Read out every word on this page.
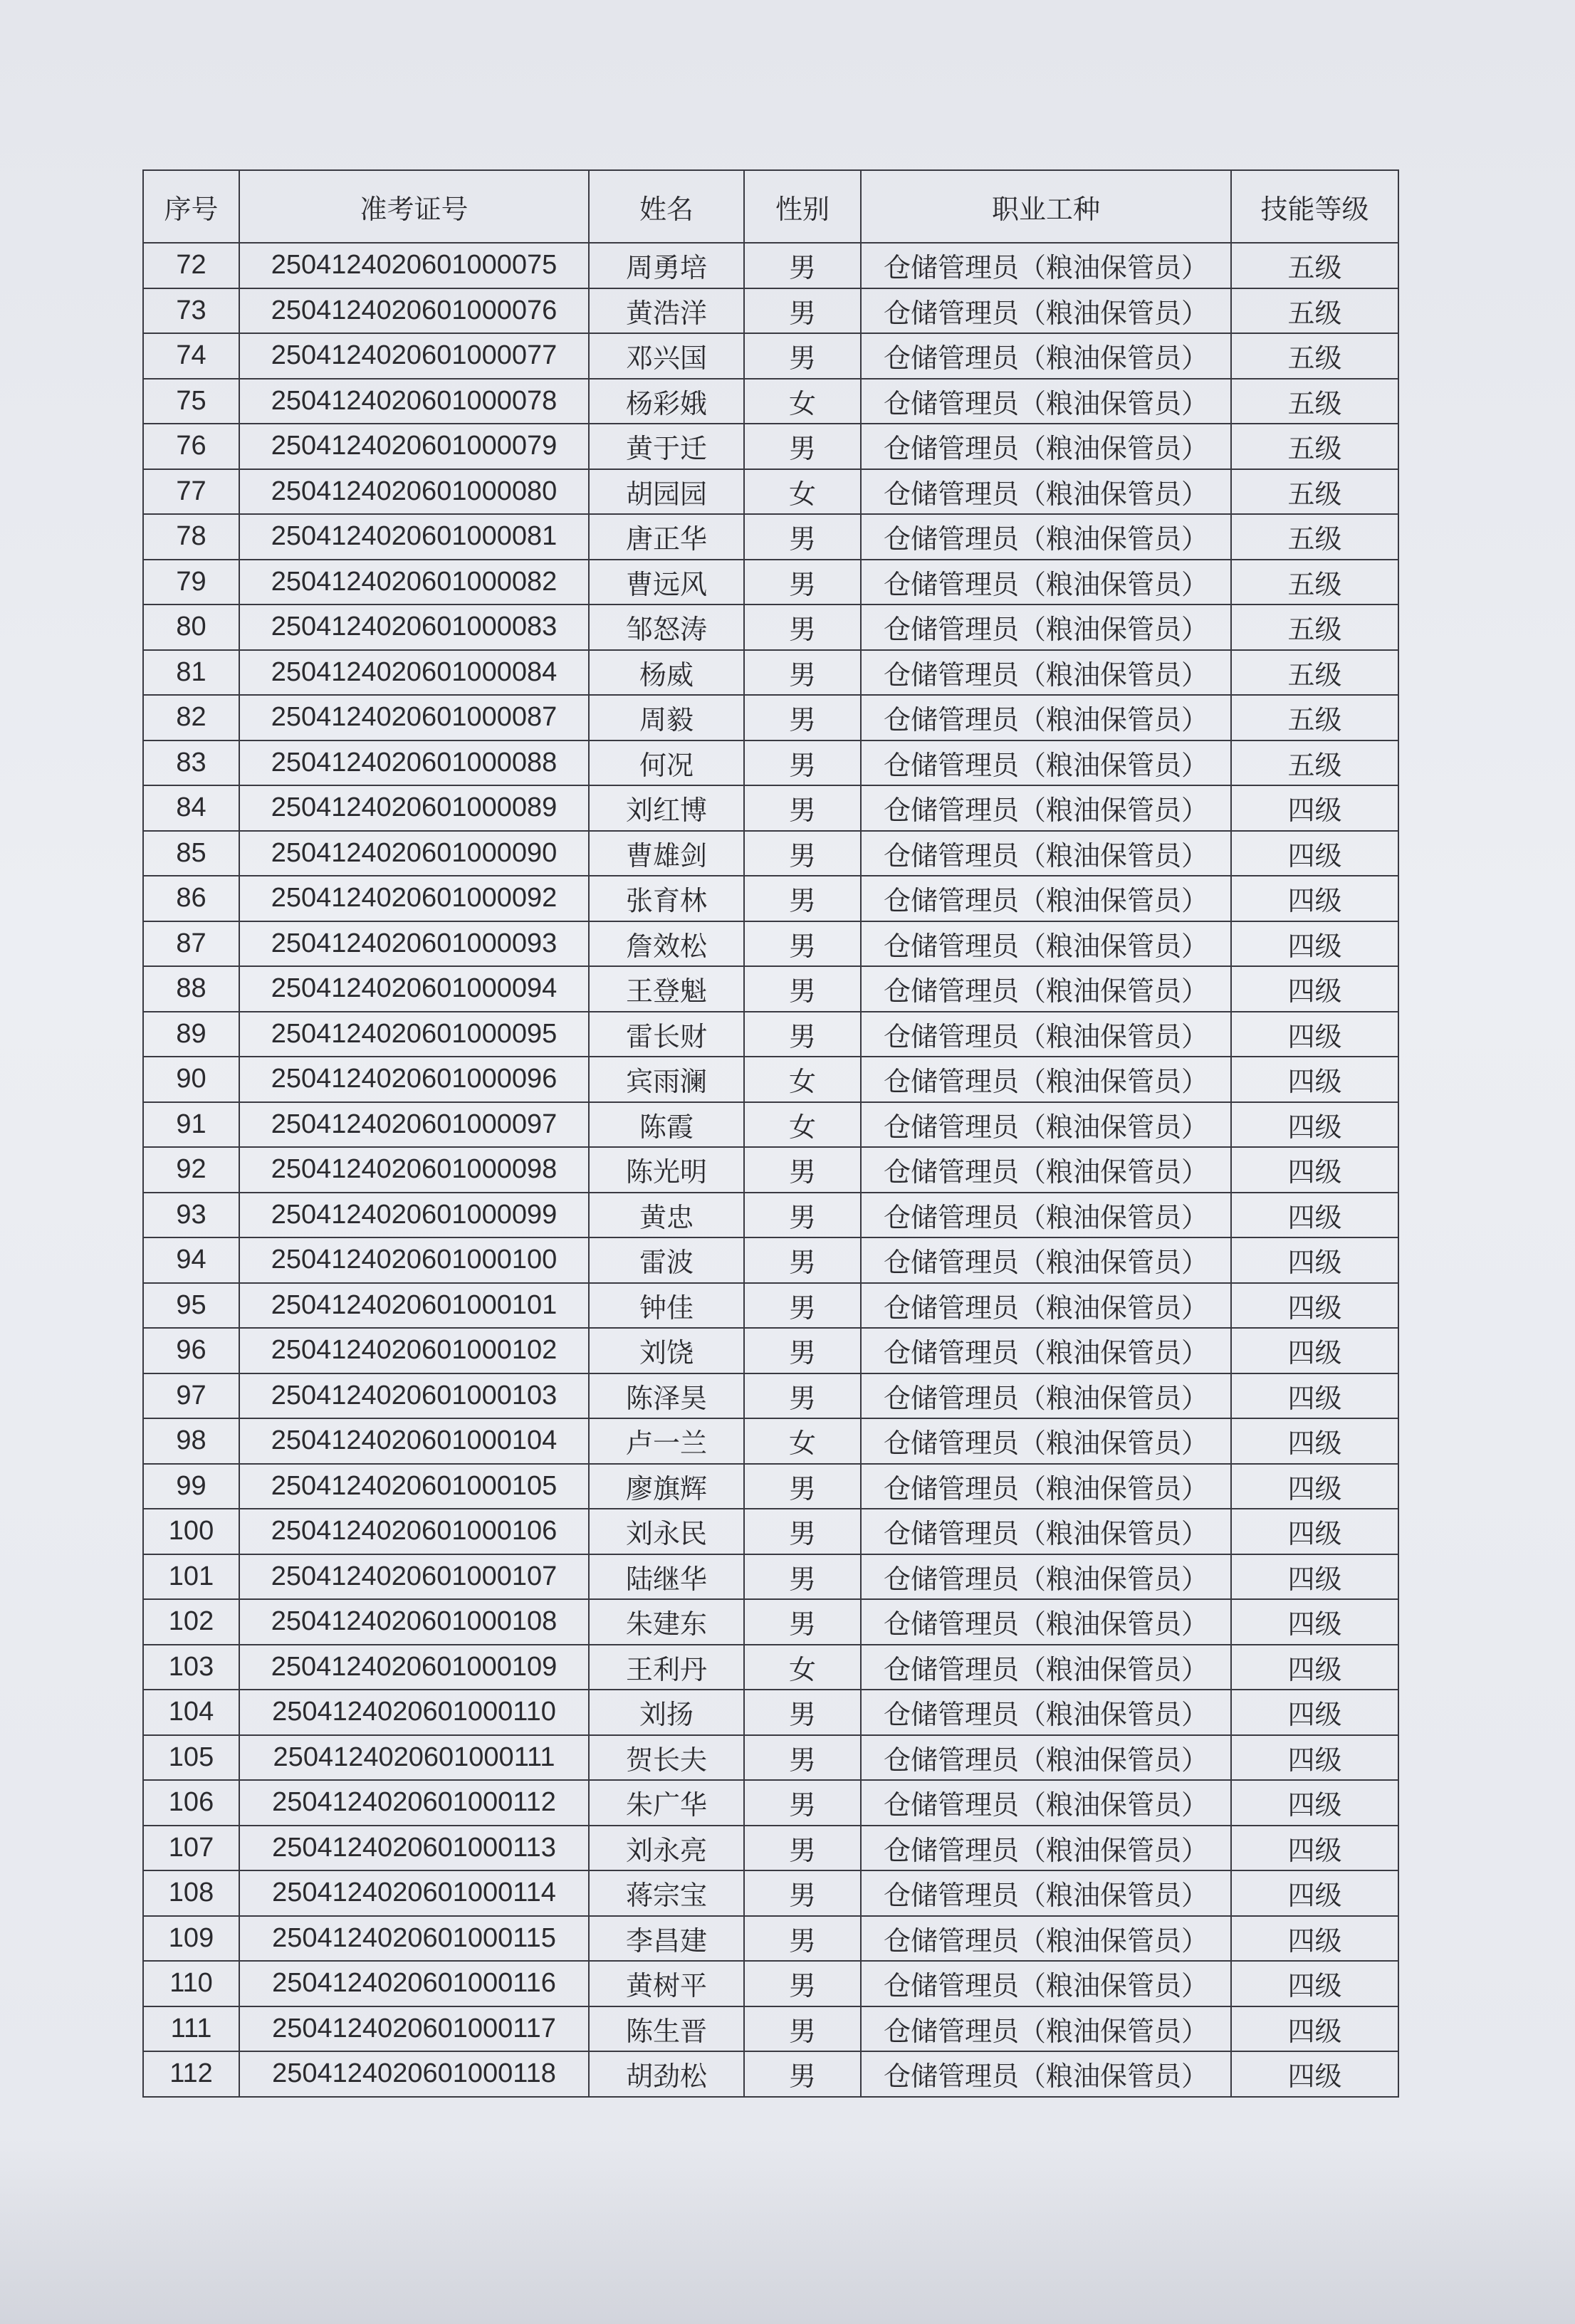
序号	准考证号	姓名	性别	职业工种	技能等级
72	2504124020601000075	周勇培	男	仓储管理员（粮油保管员）	五级
73	2504124020601000076	黄浩洋	男	仓储管理员（粮油保管员）	五级
74	2504124020601000077	邓兴国	男	仓储管理员（粮油保管员）	五级
75	2504124020601000078	杨彩娥	女	仓储管理员（粮油保管员）	五级
76	2504124020601000079	黄于迁	男	仓储管理员（粮油保管员）	五级
77	2504124020601000080	胡园园	女	仓储管理员（粮油保管员）	五级
78	2504124020601000081	唐正华	男	仓储管理员（粮油保管员）	五级
79	2504124020601000082	曹远风	男	仓储管理员（粮油保管员）	五级
80	2504124020601000083	邹怒涛	男	仓储管理员（粮油保管员）	五级
81	2504124020601000084	杨威	男	仓储管理员（粮油保管员）	五级
82	2504124020601000087	周毅	男	仓储管理员（粮油保管员）	五级
83	2504124020601000088	何况	男	仓储管理员（粮油保管员）	五级
84	2504124020601000089	刘红博	男	仓储管理员（粮油保管员）	四级
85	2504124020601000090	曹雄剑	男	仓储管理员（粮油保管员）	四级
86	2504124020601000092	张育林	男	仓储管理员（粮油保管员）	四级
87	2504124020601000093	詹效松	男	仓储管理员（粮油保管员）	四级
88	2504124020601000094	王登魁	男	仓储管理员（粮油保管员）	四级
89	2504124020601000095	雷长财	男	仓储管理员（粮油保管员）	四级
90	2504124020601000096	宾雨澜	女	仓储管理员（粮油保管员）	四级
91	2504124020601000097	陈霞	女	仓储管理员（粮油保管员）	四级
92	2504124020601000098	陈光明	男	仓储管理员（粮油保管员）	四级
93	2504124020601000099	黄忠	男	仓储管理员（粮油保管员）	四级
94	2504124020601000100	雷波	男	仓储管理员（粮油保管员）	四级
95	2504124020601000101	钟佳	男	仓储管理员（粮油保管员）	四级
96	2504124020601000102	刘饶	男	仓储管理员（粮油保管员）	四级
97	2504124020601000103	陈泽昊	男	仓储管理员（粮油保管员）	四级
98	2504124020601000104	卢一兰	女	仓储管理员（粮油保管员）	四级
99	2504124020601000105	廖旗辉	男	仓储管理员（粮油保管员）	四级
100	2504124020601000106	刘永民	男	仓储管理员（粮油保管员）	四级
101	2504124020601000107	陆继华	男	仓储管理员（粮油保管员）	四级
102	2504124020601000108	朱建东	男	仓储管理员（粮油保管员）	四级
103	2504124020601000109	王利丹	女	仓储管理员（粮油保管员）	四级
104	2504124020601000110	刘扬	男	仓储管理员（粮油保管员）	四级
105	2504124020601000111	贺长夫	男	仓储管理员（粮油保管员）	四级
106	2504124020601000112	朱广华	男	仓储管理员（粮油保管员）	四级
107	2504124020601000113	刘永亮	男	仓储管理员（粮油保管员）	四级
108	2504124020601000114	蒋宗宝	男	仓储管理员（粮油保管员）	四级
109	2504124020601000115	李昌建	男	仓储管理员（粮油保管员）	四级
110	2504124020601000116	黄树平	男	仓储管理员（粮油保管员）	四级
111	2504124020601000117	陈生晋	男	仓储管理员（粮油保管员）	四级
112	2504124020601000118	胡劲松	男	仓储管理员（粮油保管员）	四级
